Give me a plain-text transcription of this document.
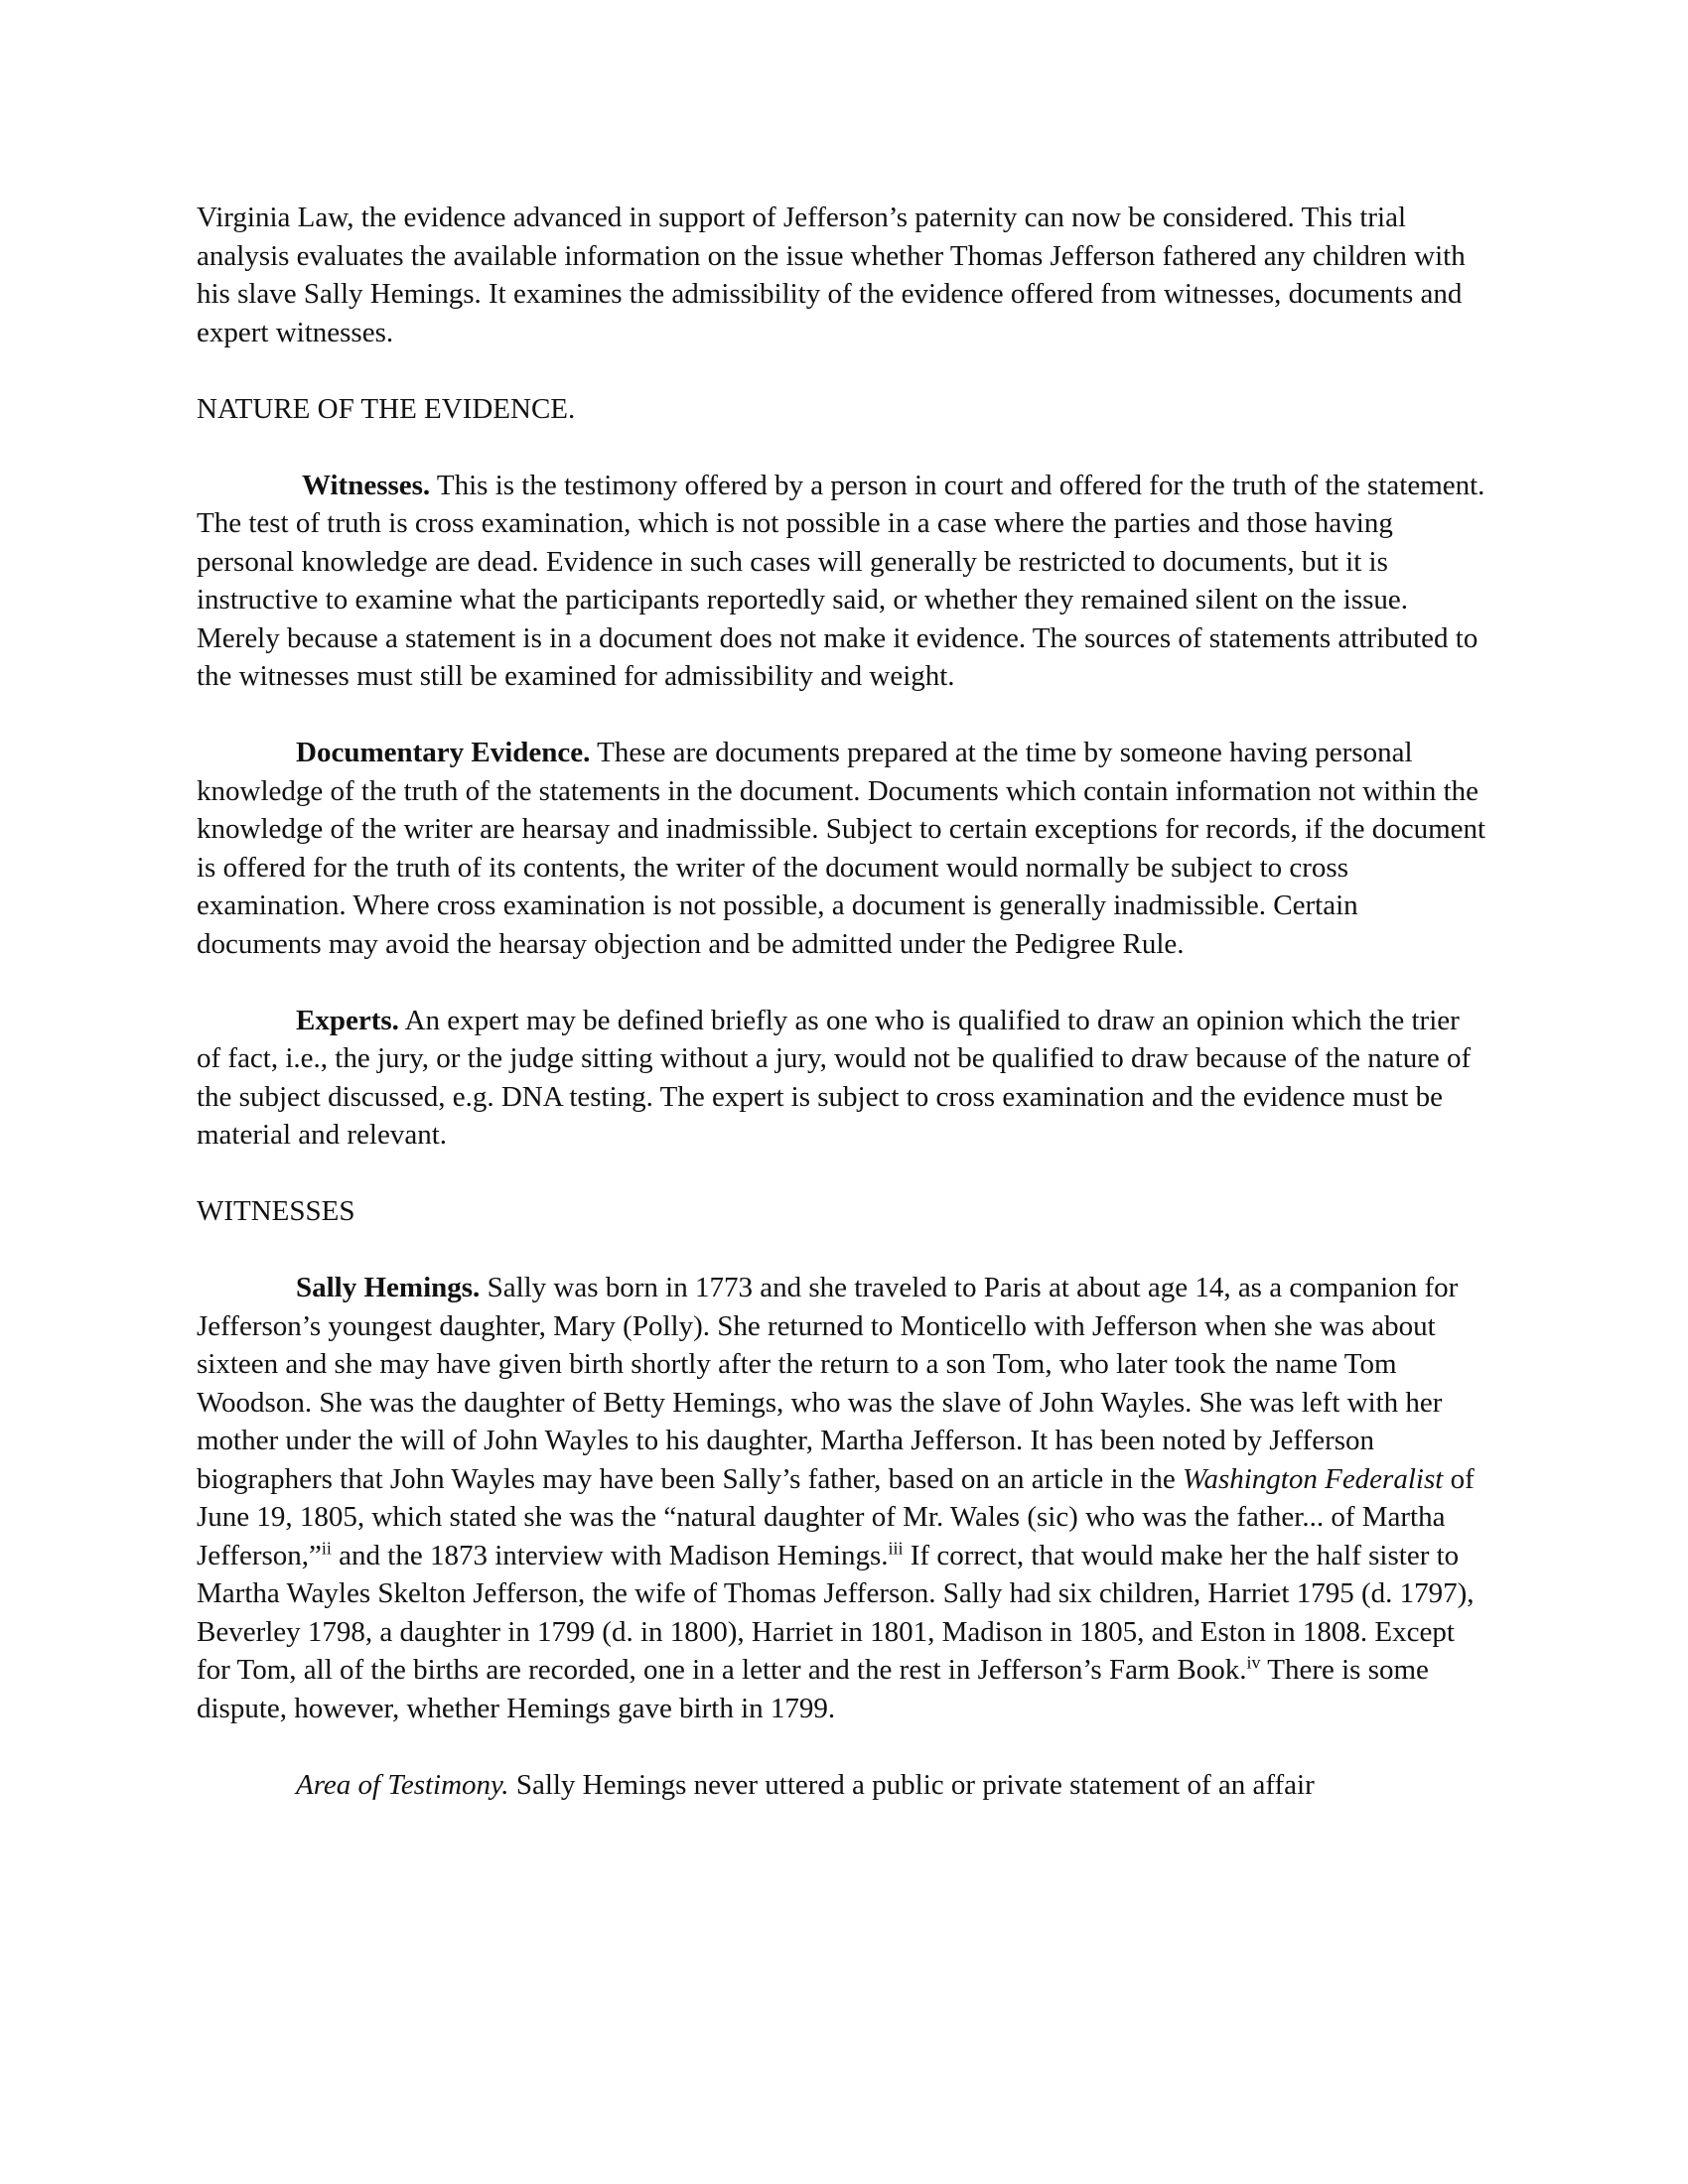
Virginia Law, the evidence advanced in support of Jefferson’s paternity can now be considered. This trial analysis evaluates the available information on the issue whether Thomas Jefferson fathered any children with his slave Sally Hemings. It examines the admissibility of the evidence offered from witnesses, documents and expert witnesses.

NATURE OF THE EVIDENCE.

Witnesses. This is the testimony offered by a person in court and offered for the truth of the statement. The test of truth is cross examination, which is not possible in a case where the parties and those having personal knowledge are dead. Evidence in such cases will generally be restricted to documents, but it is instructive to examine what the participants reportedly said, or whether they remained silent on the issue. Merely because a statement is in a document does not make it evidence. The sources of statements attributed to the witnesses must still be examined for admissibility and weight.

Documentary Evidence. These are documents prepared at the time by someone having personal knowledge of the truth of the statements in the document. Documents which contain information not within the knowledge of the writer are hearsay and inadmissible. Subject to certain exceptions for records, if the document is offered for the truth of its contents, the writer of the document would normally be subject to cross examination. Where cross examination is not possible, a document is generally inadmissible. Certain documents may avoid the hearsay objection and be admitted under the Pedigree Rule.

Experts. An expert may be defined briefly as one who is qualified to draw an opinion which the trier of fact, i.e., the jury, or the judge sitting without a jury, would not be qualified to draw because of the nature of the subject discussed, e.g. DNA testing. The expert is subject to cross examination and the evidence must be material and relevant.

WITNESSES

Sally Hemings. Sally was born in 1773 and she traveled to Paris at about age 14, as a companion for Jefferson’s youngest daughter, Mary (Polly). She returned to Monticello with Jefferson when she was about sixteen and she may have given birth shortly after the return to a son Tom, who later took the name Tom Woodson. She was the daughter of Betty Hemings, who was the slave of John Wayles. She was left with her mother under the will of John Wayles to his daughter, Martha Jefferson. It has been noted by Jefferson biographers that John Wayles may have been Sally’s father, based on an article in the Washington Federalist of June 19, 1805, which stated she was the “natural daughter of Mr. Wales (sic) who was the father... of Martha Jefferson,”$^{ii}$ and the 1873 interview with Madison Hemings.$^{iii}$ If correct, that would make her the half sister to Martha Wayles Skelton Jefferson, the wife of Thomas Jefferson. Sally had six children, Harriet 1795 (d. 1797), Beverley 1798, a daughter in 1799 (d. in 1800), Harriet in 1801, Madison in 1805, and Eston in 1808. Except for Tom, all of the births are recorded, one in a letter and the rest in Jefferson’s Farm Book.$^{iv}$ There is some dispute, however, whether Hemings gave birth in 1799.

Area of Testimony. Sally Hemings never uttered a public or private statement of an affair
